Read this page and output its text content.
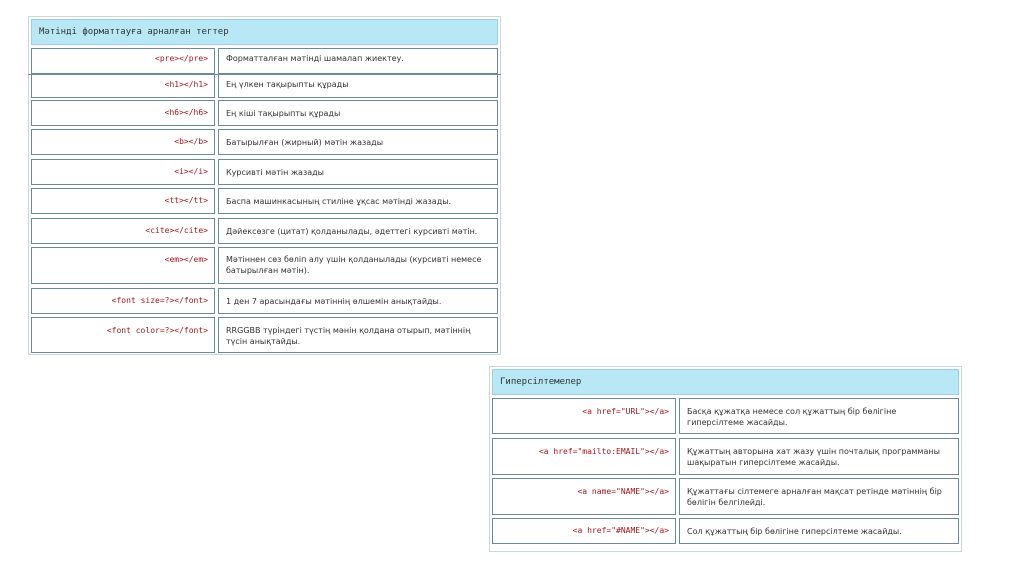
Мәтінді форматтауға арналған тегтер
<pre></pre>	Форматталған мәтінді шамалап жиектеу.
<h1></h1>	Ең үлкен тақырыпты құрады
<h6></h6>	Ең кіші тақырыпты құрады
<b></b>	Батырылған (жирный) мәтін жазады
<i></i>	Курсивті мәтін жазады
<tt></tt>	Баспа машинкасының стиліне ұқсас мәтінді жазады.
<cite></cite>	Дәйексөзге (цитат) қолданылады, әдеттегі курсивті мәтін.
<em></em>	Мәтіннен сөз бөліп алу үшін қолданылады (курсивті немесе батырылған мәтін).
<font size=?></font>	1 ден 7 арасындағы мәтіннің өлшемін анықтайды.
<font color=?></font>	RRGGBB түріндегі түстің мәнін қолдана отырып, мәтіннің түсін анықтайды.
Гиперсілтемелер
<a href="URL"></a>	Басқа құжатқа немесе сол құжаттың бір бөлігіне гиперсілтеме жасайды.
<a href="mailto:EMAIL"></a>	Құжаттың авторына хат жазу үшін почталық программаны шақыратын гиперсілтеме жасайды.
<a name="NAME"></a>	Құжаттағы сілтемеге арналған мақсат ретінде мәтіннің бір бөлігін белгілейді.
<a href="#NAME"></a>	Сол құжаттың бір бөлігіне гиперсілтеме жасайды.
